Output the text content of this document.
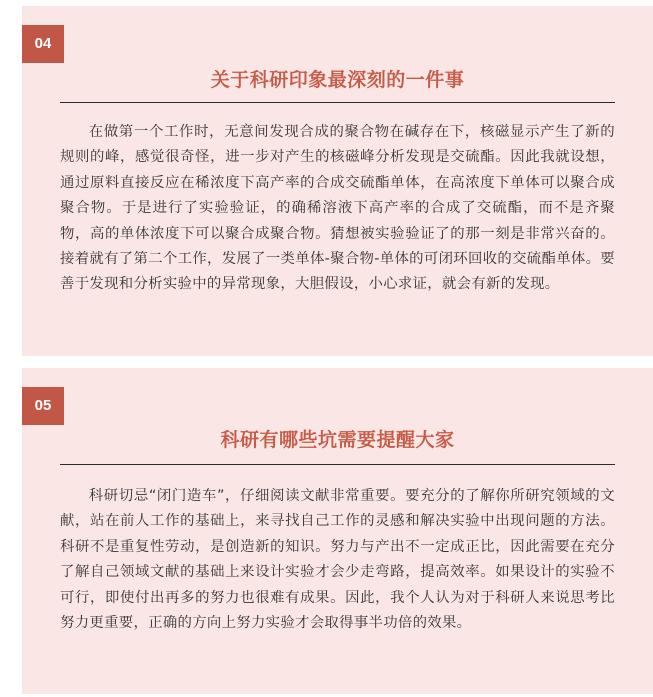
04
关于科研印象最深刻的一件事

在做第一个工作时，无意间发现合成的聚合物在碱存在下，核磁显示产生了新的规则的峰，感觉很奇怪，进一步对产生的核磁峰分析发现是交硫酯。因此我就设想，通过原料直接反应在稀浓度下高产率的合成交硫酯单体，在高浓度下单体可以聚合成聚合物。于是进行了实验验证，的确稀溶液下高产率的合成了交硫酯，而不是齐聚物，高的单体浓度下可以聚合成聚合物。猜想被实验验证了的那一刻是非常兴奋的。接着就有了第二个工作，发展了一类单体-聚合物-单体的可闭环回收的交硫酯单体。要善于发现和分析实验中的异常现象，大胆假设，小心求证，就会有新的发现。

05
科研有哪些坑需要提醒大家

科研切忌“闭门造车”，仔细阅读文献非常重要。要充分的了解你所研究领域的文献，站在前人工作的基础上，来寻找自己工作的灵感和解决实验中出现问题的方法。科研不是重复性劳动，是创造新的知识。努力与产出不一定成正比，因此需要在充分了解自己领域文献的基础上来设计实验才会少走弯路，提高效率。如果设计的实验不可行，即使付出再多的努力也很难有成果。因此，我个人认为对于科研人来说思考比努力更重要，正确的方向上努力实验才会取得事半功倍的效果。
